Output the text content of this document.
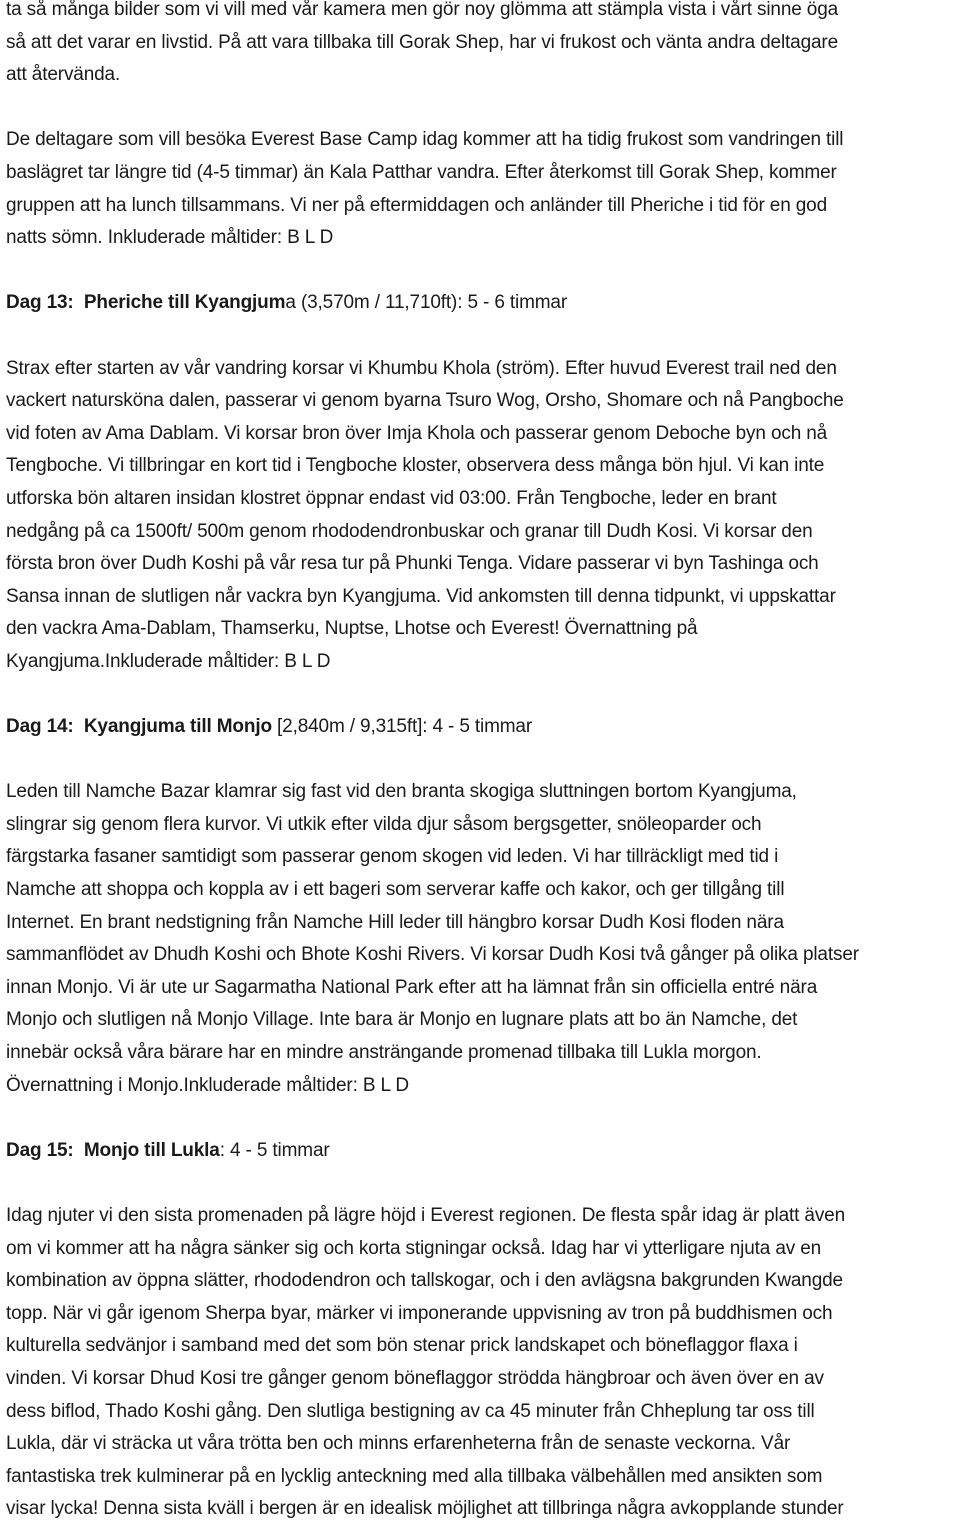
ta så många bilder som vi vill med vår kamera men gör noy glömma att stämpla vista i vårt sinne öga
så att det varar en livstid. På att vara tillbaka till Gorak Shep, har vi frukost och vänta andra deltagare
att återvända.

De deltagare som vill besöka Everest Base Camp idag kommer att ha tidig frukost som vandringen till
baslägret tar längre tid (4-5 timmar) än Kala Patthar vandra. Efter återkomst till Gorak Shep, kommer
gruppen att ha lunch tillsammans. Vi ner på eftermiddagen och anländer till Pheriche i tid för en god
natts sömn. Inkluderade måltider: B L D

Dag 13: Pheriche till Kyangjuma (3,570m / 11,710ft): 5 - 6 timmar

Strax efter starten av vår vandring korsar vi Khumbu Khola (ström). Efter huvud Everest trail ned den
vackert natursköna dalen, passerar vi genom byarna Tsuro Wog, Orsho, Shomare och nå Pangboche
vid foten av Ama Dablam. Vi korsar bron över Imja Khola och passerar genom Deboche byn och nå
Tengboche. Vi tillbringar en kort tid i Tengboche kloster, observera dess många bön hjul. Vi kan inte
utforska bön altaren insidan klostret öppnar endast vid 03:00. Från Tengboche, leder en brant
nedgång på ca 1500ft/ 500m genom rhododendronbuskar och granar till Dudh Kosi. Vi korsar den
första bron över Dudh Koshi på vår resa tur på Phunki Tenga. Vidare passerar vi byn Tashinga och
Sansa innan de slutligen når vackra byn Kyangjuma. Vid ankomsten till denna tidpunkt, vi uppskattar
den vackra Ama-Dablam, Thamserku, Nuptse, Lhotse och Everest! Övernattning på
Kyangjuma.Inkluderade måltider: B L D

Dag 14: Kyangjuma till Monjo [2,840m / 9,315ft]: 4 - 5 timmar

Leden till Namche Bazar klamrar sig fast vid den branta skogiga sluttningen bortom Kyangjuma,
slingrar sig genom flera kurvor. Vi utkik efter vilda djur såsom bergsgetter, snöleoparder och
färgstarka fasaner samtidigt som passerar genom skogen vid leden. Vi har tillräckligt med tid i
Namche att shoppa och koppla av i ett bageri som serverar kaffe och kakor, och ger tillgång till
Internet. En brant nedstigning från Namche Hill leder till hängbro korsar Dudh Kosi floden nära
sammanflödet av Dhudh Koshi och Bhote Koshi Rivers. Vi korsar Dudh Kosi två gånger på olika platser
innan Monjo. Vi är ute ur Sagarmatha National Park efter att ha lämnat från sin officiella entré nära
Monjo och slutligen nå Monjo Village. Inte bara är Monjo en lugnare plats att bo än Namche, det
innebär också våra bärare har en mindre ansträngande promenad tillbaka till Lukla morgon.
Övernattning i Monjo.Inkluderade måltider: B L D

Dag 15: Monjo till Lukla: 4 - 5 timmar

Idag njuter vi den sista promenaden på lägre höjd i Everest regionen. De flesta spår idag är platt även
om vi kommer att ha några sänker sig och korta stigningar också. Idag har vi ytterligare njuta av en
kombination av öppna slätter, rhododendron och tallskogar, och i den avlägsna bakgrunden Kwangde
topp. När vi går igenom Sherpa byar, märker vi imponerande uppvisning av tron på buddhismen och
kulturella sedvänjor i samband med det som bön stenar prick landskapet och böneflaggor flaxa i
vinden. Vi korsar Dhud Kosi tre gånger genom böneflaggor strödda hängbroar och även över en av
dess biflod, Thado Koshi gång. Den slutliga bestigning av ca 45 minuter från Chheplung tar oss till
Lukla, där vi sträcka ut våra trötta ben och minns erfarenheterna från de senaste veckorna. Vår
fantastiska trek kulminerar på en lycklig anteckning med alla tillbaka välbehållen med ansikten som
visar lycka! Denna sista kväll i bergen är en idealisk möjlighet att tillbringa några avkopplande stunder
